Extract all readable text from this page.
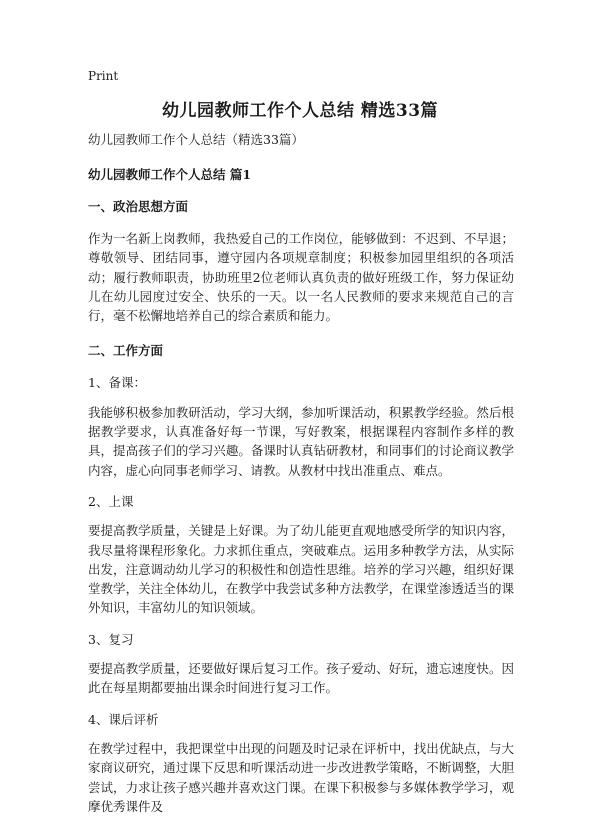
Print
幼儿园教师工作个人总结 精选33篇
幼儿园教师工作个人总结（精选33篇）
幼儿园教师工作个人总结 篇1
一、政治思想方面

作为一名新上岗教师，我热爱自己的工作岗位，能够做到：不迟到、不早退；尊敬领导、团结同事，遵守园内各项规章制度；积极参加园里组织的各项活动；履行教师职责，协助班里2位老师认真负责的做好班级工作，努力保证幼儿在幼儿园度过安全、快乐的一天。以一名人民教师的要求来规范自己的言行，毫不松懈地培养自己的综合素质和能力。

二、工作方面

1、备课：

我能够积极参加教研活动，学习大纲，参加听课活动，积累教学经验。然后根据教学要求，认真准备好每一节课，写好教案，根据课程内容制作多样的教具，提高孩子们的学习兴趣。备课时认真钻研教材，和同事们的讨论商议教学内容，虚心向同事老师学习、请教。从教材中找出准重点、难点。

2、上课

要提高教学质量，关键是上好课。为了幼儿能更直观地感受所学的知识内容，我尽量将课程形象化。力求抓住重点，突破难点。运用多种教学方法，从实际出发，注意调动幼儿学习的积极性和创造性思维。培养的学习兴趣，组织好课堂教学，关注全体幼儿，在教学中我尝试多种方法教学，在课堂渗透适当的课外知识，丰富幼儿的知识领域。

3、复习

要提高教学质量，还要做好课后复习工作。孩子爱动、好玩，遗忘速度快。因此在每星期都要抽出课余时间进行复习工作。

4、课后评析

在教学过程中，我把课堂中出现的问题及时记录在评析中，找出优缺点，与大家商议研究，通过课下反思和听课活动进一步改进教学策略，不断调整，大胆尝试，力求让孩子感兴趣并喜欢这门课。在课下积极参与多媒体教学学习，观摩优秀课件及
